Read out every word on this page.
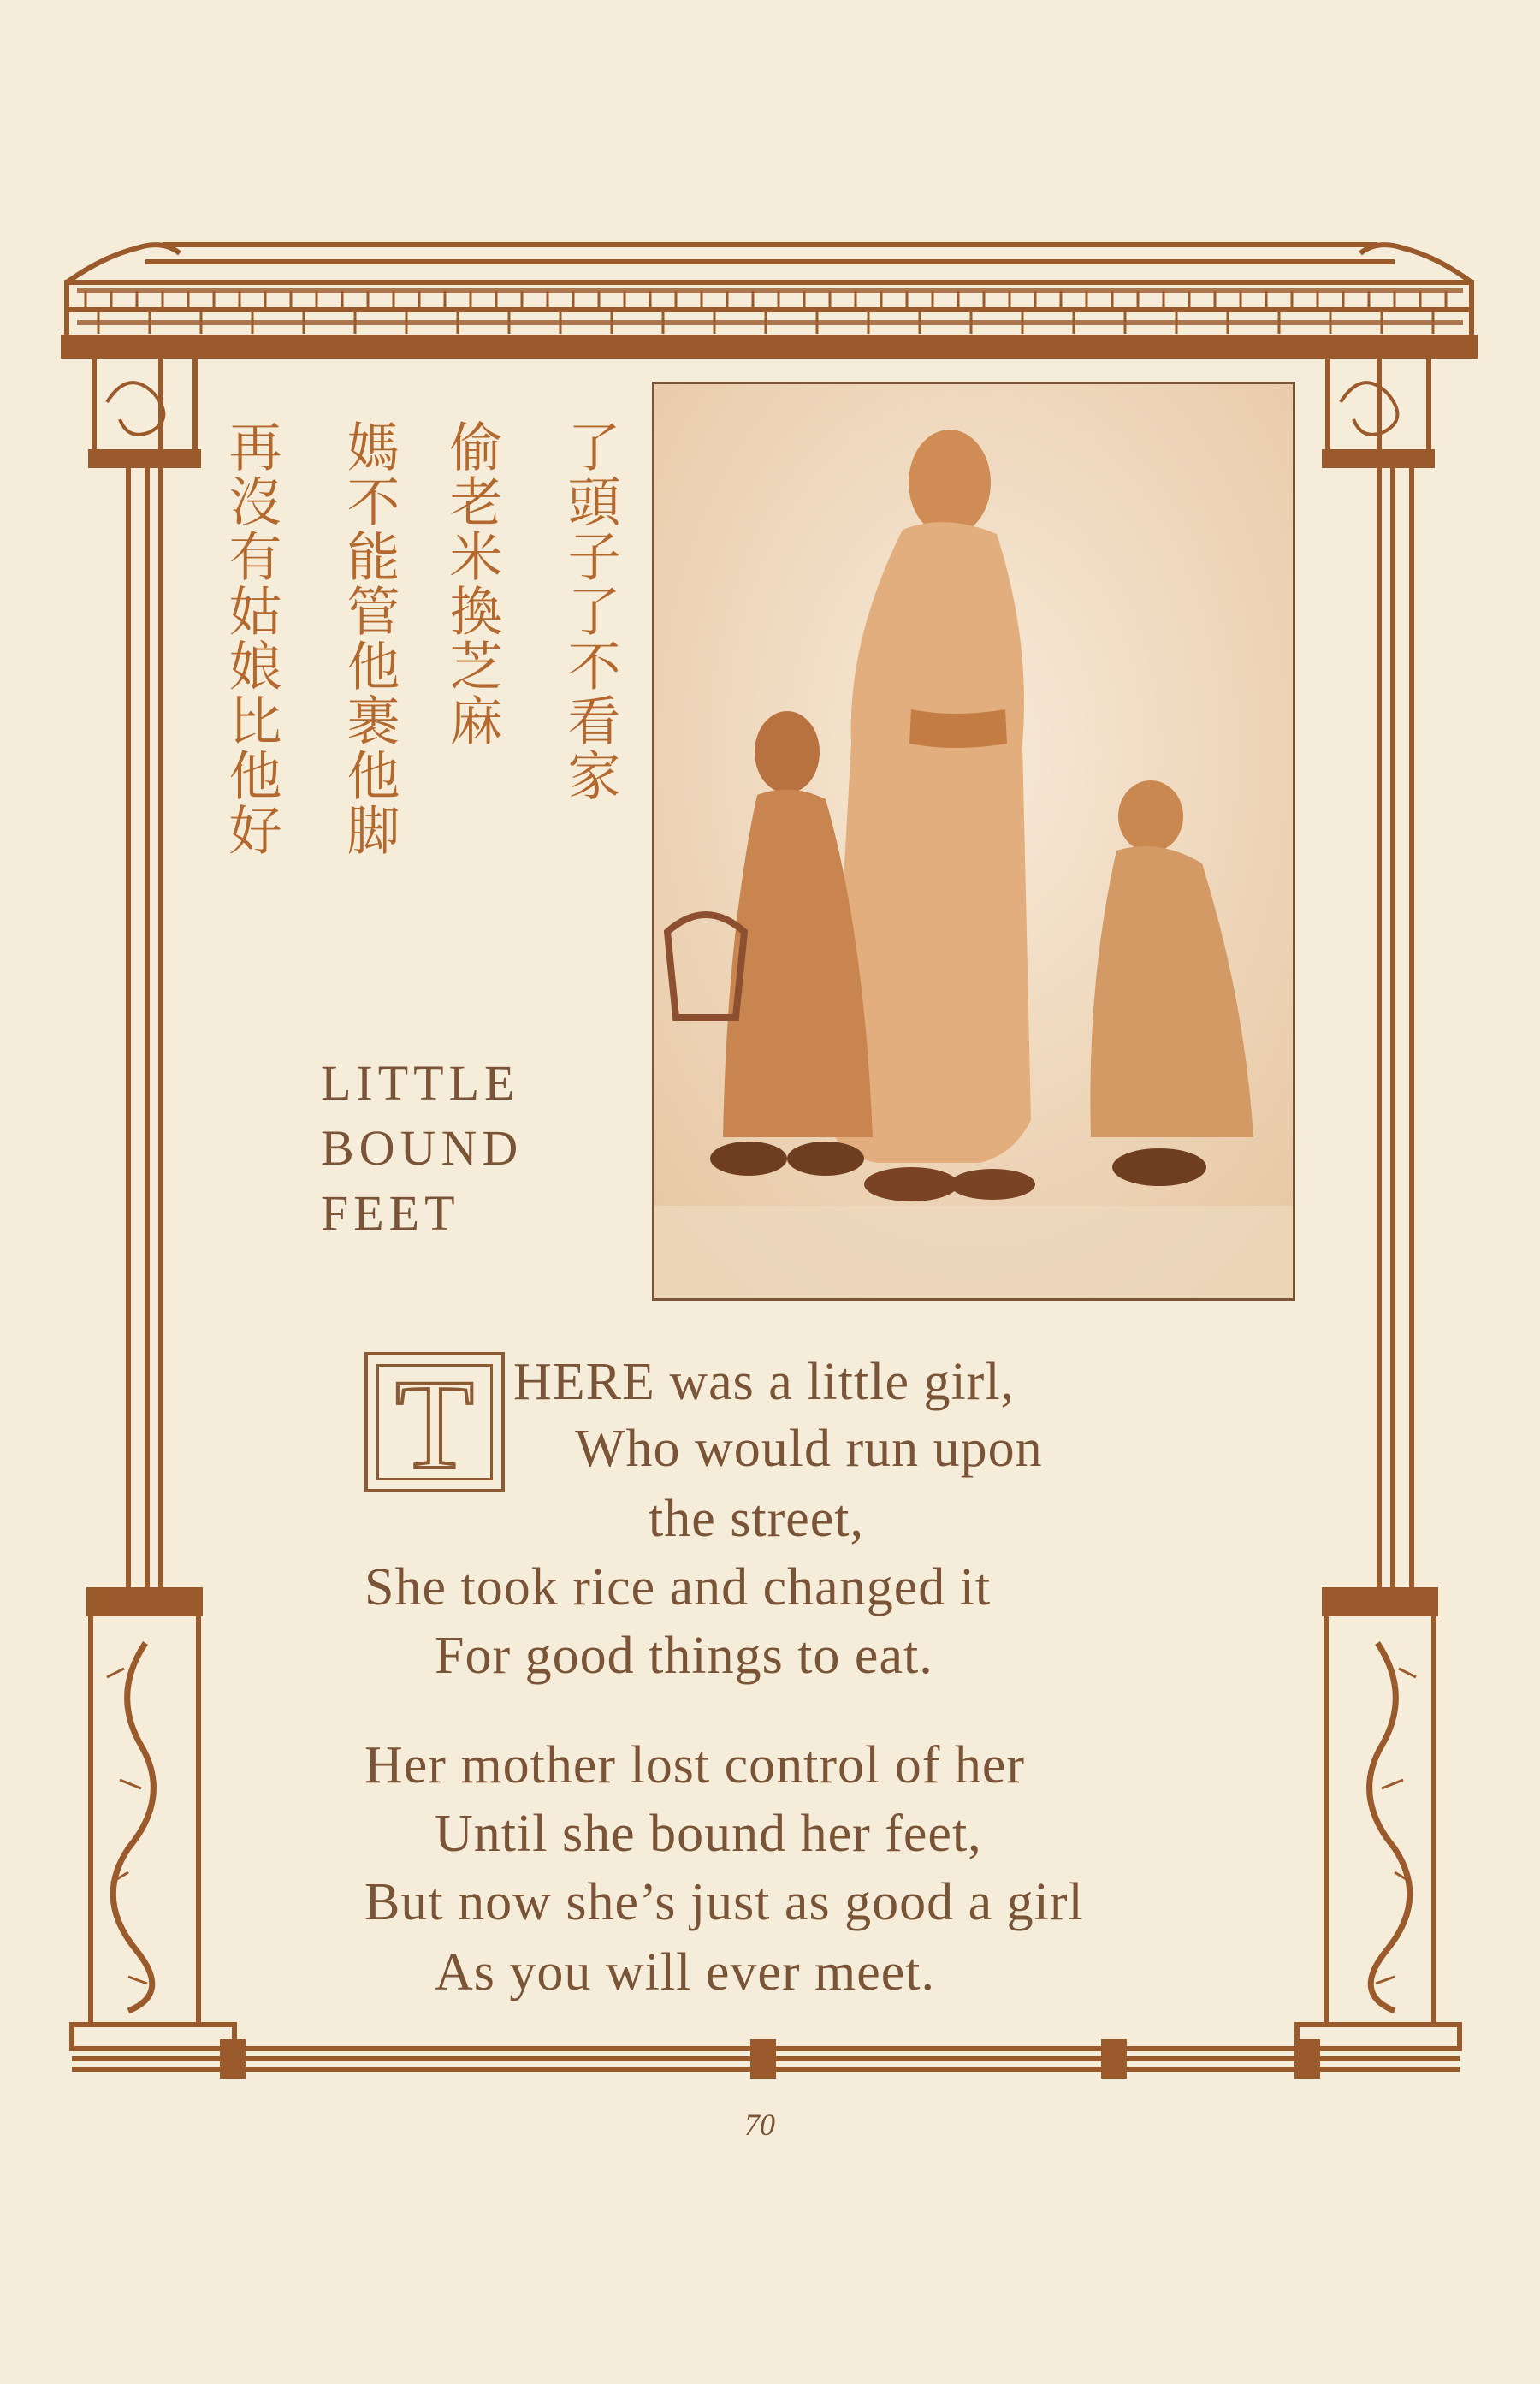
了頭子了不看家
偷老米換芝麻
媽不能管他裹他脚
再沒有姑娘比他好
LITTLE
BOUND
FEET
T HERE was a little girl,
Who would run upon
the street,
She took rice and changed it
For good things to eat.
Her mother lost control of her
Until she bound her feet,
But now she’s just as good a girl
As you will ever meet.
70
